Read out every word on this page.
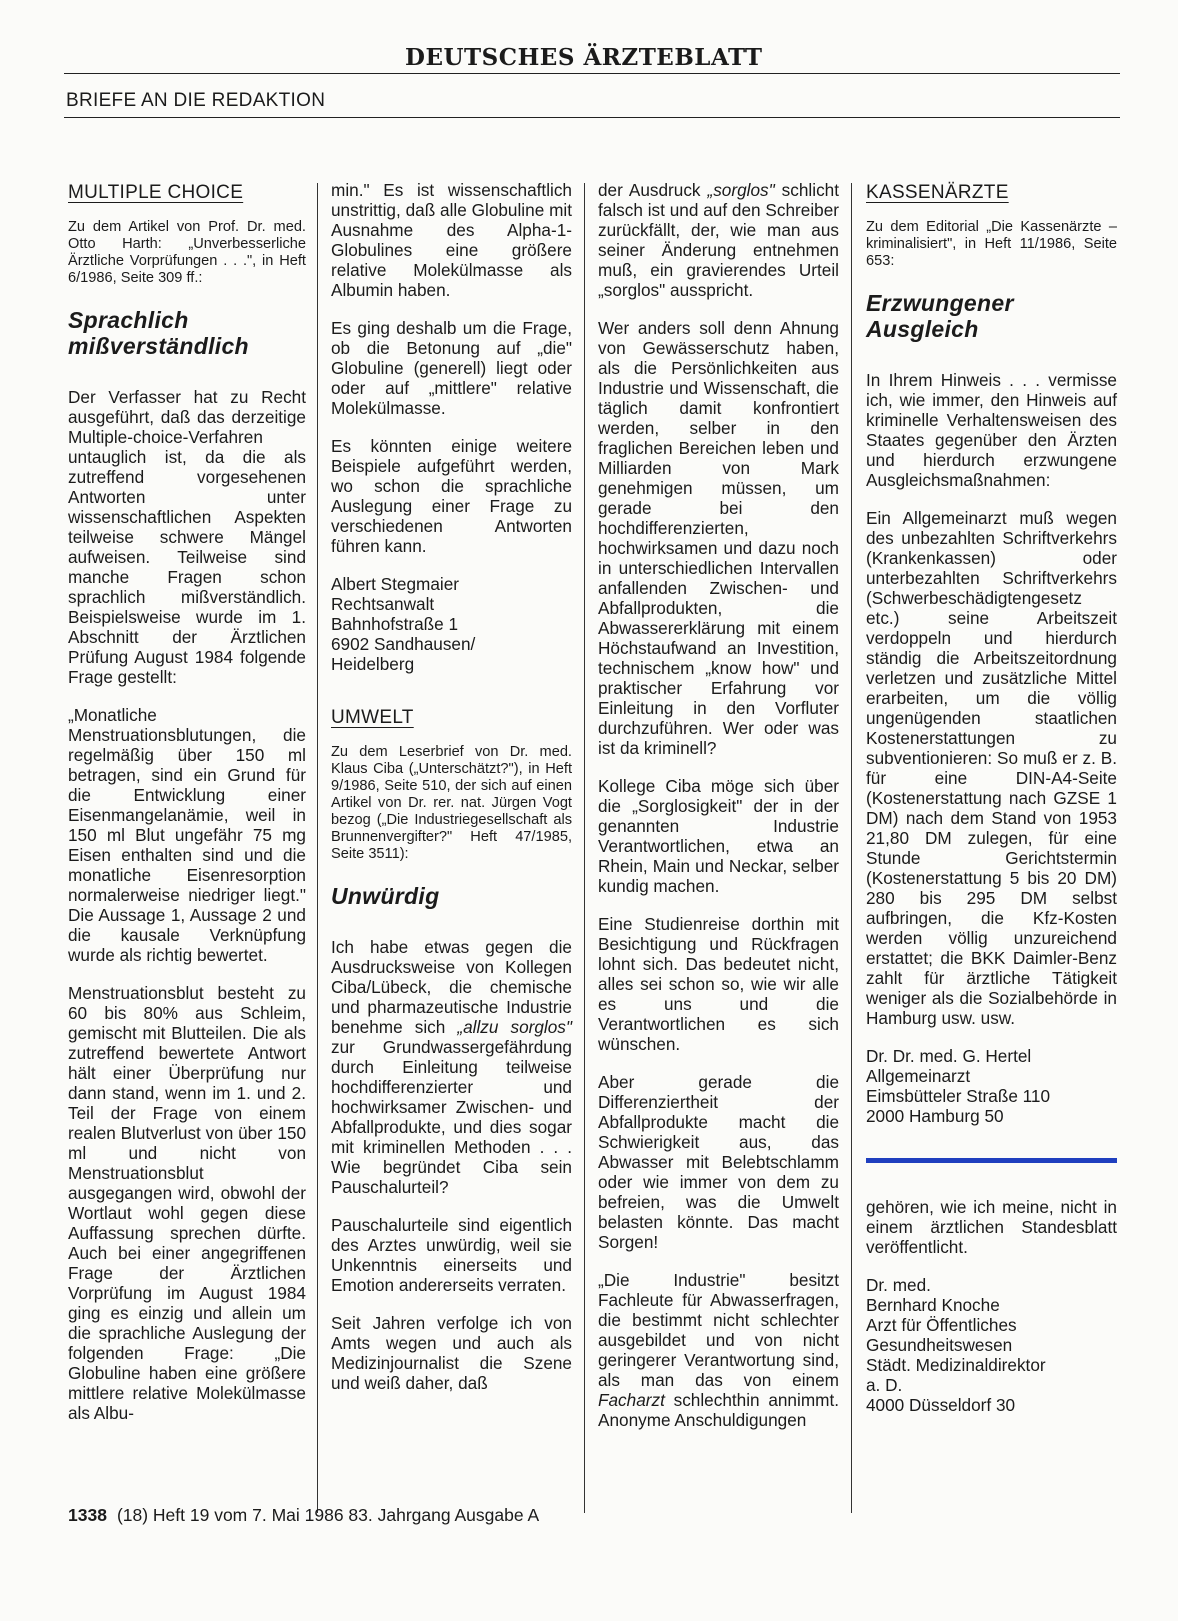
DEUTSCHES ÄRZTEBLATT
BRIEFE AN DIE REDAKTION
MULTIPLE CHOICE

Zu dem Artikel von Prof. Dr. med. Otto Harth: „Unverbesserliche Ärztliche Vorprüfungen . . .", in Heft 6/1986, Seite 309 ff.:

Sprachlich mißverständlich

Der Verfasser hat zu Recht ausgeführt, daß das derzeitige Multiple-choice-Verfahren untauglich ist, da die als zutreffend vorgesehenen Antworten unter wissenschaftlichen Aspekten teilweise schwere Mängel aufweisen. Teilweise sind manche Fragen schon sprachlich mißverständlich. Beispielsweise wurde im 1. Abschnitt der Ärztlichen Prüfung August 1984 folgende Frage gestellt:

„Monatliche Menstruationsblutungen, die regelmäßig über 150 ml betragen, sind ein Grund für die Entwicklung einer Eisenmangelanämie, weil in 150 ml Blut ungefähr 75 mg Eisen enthalten sind und die monatliche Eisenresorption normalerweise niedriger liegt." Die Aussage 1, Aussage 2 und die kausale Verknüpfung wurde als richtig bewertet.

Menstruationsblut besteht zu 60 bis 80% aus Schleim, gemischt mit Blutteilen. Die als zutreffend bewertete Antwort hält einer Überprüfung nur dann stand, wenn im 1. und 2. Teil der Frage von einem realen Blutverlust von über 150 ml und nicht von Menstruationsblut ausgegangen wird, obwohl der Wortlaut wohl gegen diese Auffassung sprechen dürfte. Auch bei einer angegriffenen Frage der Ärztlichen Vorprüfung im August 1984 ging es einzig und allein um die sprachliche Auslegung der folgenden Frage: „Die Globuline haben eine größere mittlere relative Molekülmasse als Albu-

min." Es ist wissenschaftlich unstrittig, daß alle Globuline mit Ausnahme des Alpha-1-Globulines eine größere relative Molekülmasse als Albumin haben.

Es ging deshalb um die Frage, ob die Betonung auf „die" Globuline (generell) liegt oder oder auf „mittlere" relative Molekülmasse.

Es könnten einige weitere Beispiele aufgeführt werden, wo schon die sprachliche Auslegung einer Frage zu verschiedenen Antworten führen kann.

Albert Stegmaier
Rechtsanwalt
Bahnhofstraße 1
6902 Sandhausen/
Heidelberg
UMWELT

Zu dem Leserbrief von Dr. med. Klaus Ciba („Unterschätzt?"), in Heft 9/1986, Seite 510, der sich auf einen Artikel von Dr. rer. nat. Jürgen Vogt bezog („Die Industriegesellschaft als Brunnenvergifter?" Heft 47/1985, Seite 3511):

Unwürdig

Ich habe etwas gegen die Ausdrucksweise von Kollegen Ciba/Lübeck, die chemische und pharmazeutische Industrie benehme sich „allzu sorglos" zur Grundwassergefährdung durch Einleitung teilweise hochdifferenzierter und hochwirksamer Zwischen- und Abfallprodukte, und dies sogar mit kriminellen Methoden . . . Wie begründet Ciba sein Pauschalurteil?

Pauschalurteile sind eigentlich des Arztes unwürdig, weil sie Unkenntnis einerseits und Emotion andererseits verraten.

Seit Jahren verfolge ich von Amts wegen und auch als Medizinjournalist die Szene und weiß daher, daß

der Ausdruck „sorglos" schlicht falsch ist und auf den Schreiber zurückfällt, der, wie man aus seiner Änderung entnehmen muß, ein gravierendes Urteil „sorglos" ausspricht.

Wer anders soll denn Ahnung von Gewässerschutz haben, als die Persönlichkeiten aus Industrie und Wissenschaft, die täglich damit konfrontiert werden, selber in den fraglichen Bereichen leben und Milliarden von Mark genehmigen müssen, um gerade bei den hochdifferenzierten, hochwirksamen und dazu noch in unterschiedlichen Intervallen anfallenden Zwischen- und Abfallprodukten, die Abwassererklärung mit einem Höchstaufwand an Investition, technischem „know how" und praktischer Erfahrung vor Einleitung in den Vorfluter durchzuführen. Wer oder was ist da kriminell?

Kollege Ciba möge sich über die „Sorglosigkeit" der in der genannten Industrie Verantwortlichen, etwa an Rhein, Main und Neckar, selber kundig machen.

Eine Studienreise dorthin mit Besichtigung und Rückfragen lohnt sich. Das bedeutet nicht, alles sei schon so, wie wir alle es uns und die Verantwortlichen es sich wünschen.

Aber gerade die Differenziertheit der Abfallprodukte macht die Schwierigkeit aus, das Abwasser mit Belebtschlamm oder wie immer von dem zu befreien, was die Umwelt belasten könnte. Das macht Sorgen!

„Die Industrie" besitzt Fachleute für Abwasserfragen, die bestimmt nicht schlechter ausgebildet und von nicht geringerer Verantwortung sind, als man das von einem Facharzt schlechthin annimmt. Anonyme Anschuldigungen

KASSENÄRZTE

Zu dem Editorial „Die Kassenärzte – kriminalisiert", in Heft 11/1986, Seite 653:

Erzwungener Ausgleich

In Ihrem Hinweis . . . vermisse ich, wie immer, den Hinweis auf kriminelle Verhaltensweisen des Staates gegenüber den Ärzten und hierdurch erzwungene Ausgleichsmaßnahmen:

Ein Allgemeinarzt muß wegen des unbezahlten Schriftverkehrs (Krankenkassen) oder unterbezahlten Schriftverkehrs (Schwerbeschädigtengesetz etc.) seine Arbeitszeit verdoppeln und hierdurch ständig die Arbeitszeitordnung verletzen und zusätzliche Mittel erarbeiten, um die völlig ungenügenden staatlichen Kostenerstattungen zu subventionieren: So muß er z. B. für eine DIN-A4-Seite (Kostenerstattung nach GZSE 1 DM) nach dem Stand von 1953 21,80 DM zulegen, für eine Stunde Gerichtstermin (Kostenerstattung 5 bis 20 DM) 280 bis 295 DM selbst aufbringen, die Kfz-Kosten werden völlig unzureichend erstattet; die BKK Daimler-Benz zahlt für ärztliche Tätigkeit weniger als die Sozialbehörde in Hamburg usw. usw.

Dr. Dr. med. G. Hertel
Allgemeinarzt
Eimsbütteler Straße 110
2000 Hamburg 50

gehören, wie ich meine, nicht in einem ärztlichen Standesblatt veröffentlicht.

Dr. med.
Bernhard Knoche
Arzt für Öffentliches
Gesundheitswesen
Städt. Medizinaldirektor
a. D.
4000 Düsseldorf 30
1338 (18) Heft 19 vom 7. Mai 1986 83. Jahrgang Ausgabe A
